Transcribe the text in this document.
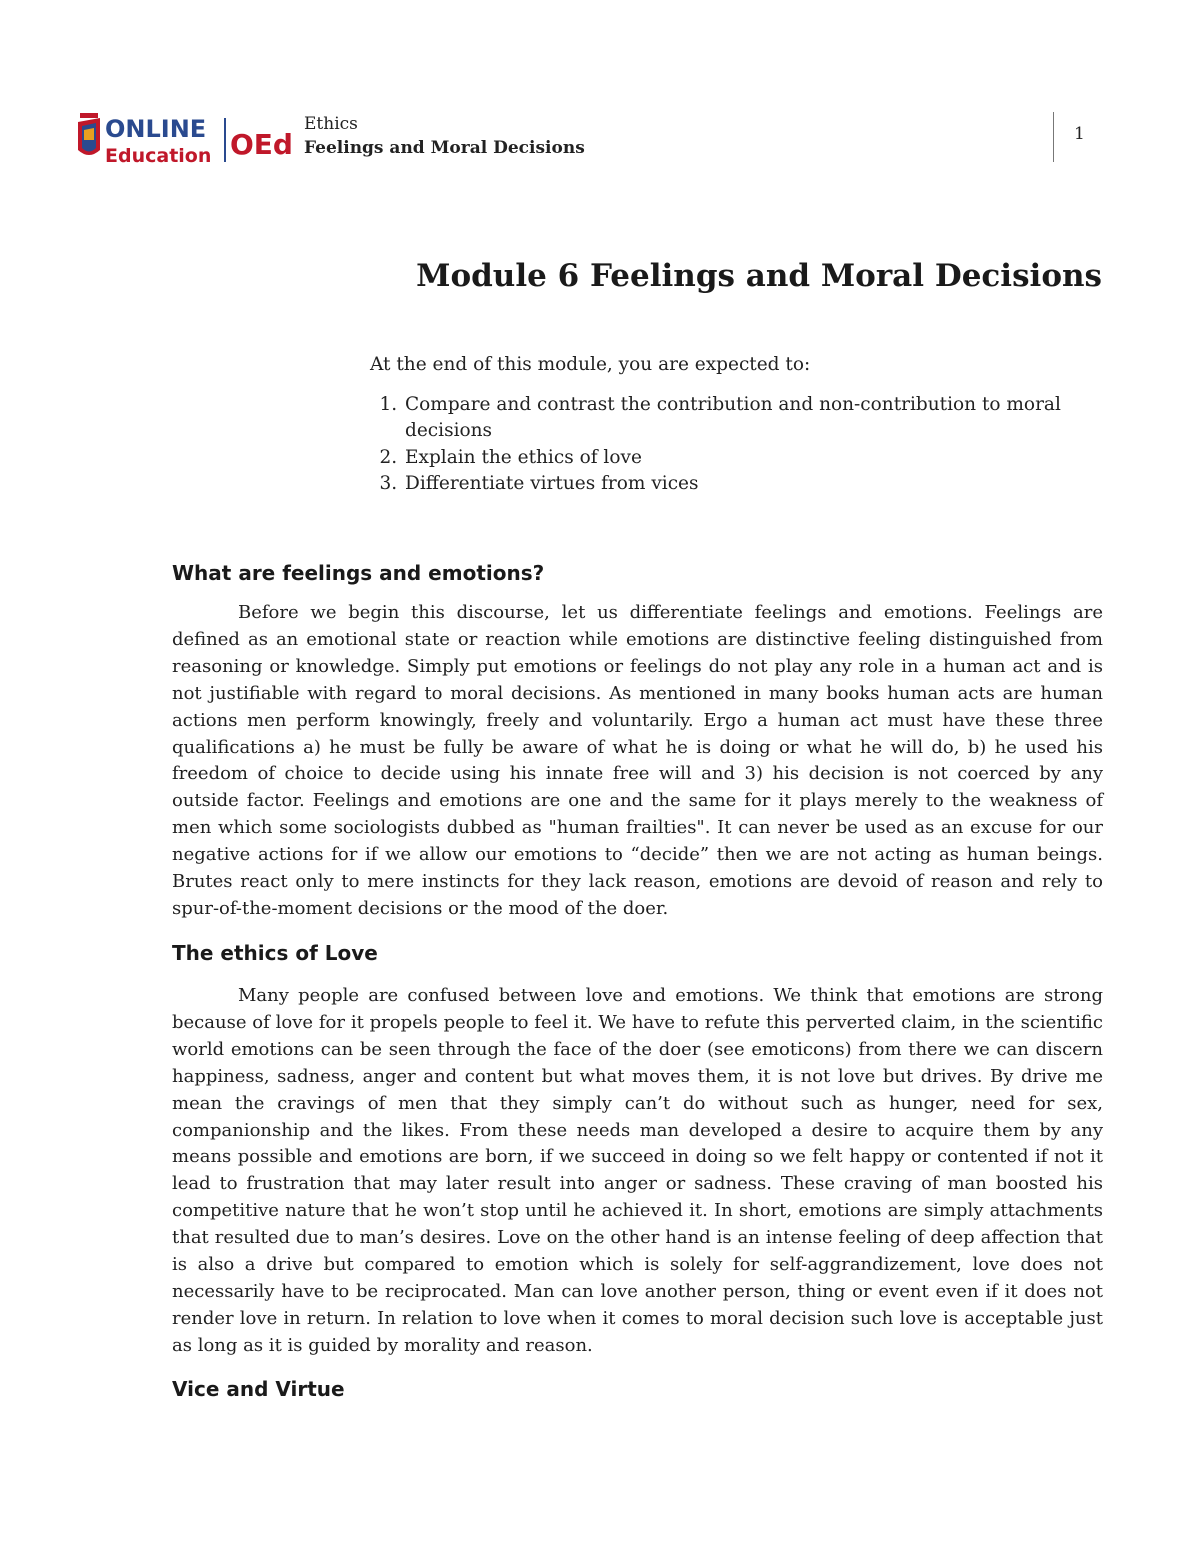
ONLINE
Education OEd
Ethics
Feelings and Moral Decisions
1
Module 6 Feelings and Moral Decisions
At the end of this module, you are expected to:
1. Compare and contrast the contribution and non-contribution to moral decisions
2. Explain the ethics of love
3. Differentiate virtues from vices
What are feelings and emotions?

Before we begin this discourse, let us differentiate feelings and emotions. Feelings are defined as an emotional state or reaction while emotions are distinctive feeling distinguished from reasoning or knowledge. Simply put emotions or feelings do not play any role in a human act and is not justifiable with regard to moral decisions. As mentioned in many books human acts are human actions men perform knowingly, freely and voluntarily. Ergo a human act must have these three qualifications a) he must be fully be aware of what he is doing or what he will do, b) he used his freedom of choice to decide using his innate free will and 3) his decision is not coerced by any outside factor. Feelings and emotions are one and the same for it plays merely to the weakness of men which some sociologists dubbed as "human frailties". It can never be used as an excuse for our negative actions for if we allow our emotions to “decide” then we are not acting as human beings. Brutes react only to mere instincts for they lack reason, emotions are devoid of reason and rely to spur-of-the-moment decisions or the mood of the doer.

The ethics of Love

Many people are confused between love and emotions. We think that emotions are strong because of love for it propels people to feel it. We have to refute this perverted claim, in the scientific world emotions can be seen through the face of the doer (see emoticons) from there we can discern happiness, sadness, anger and content but what moves them, it is not love but drives. By drive me mean the cravings of men that they simply can’t do without such as hunger, need for sex, companionship and the likes. From these needs man developed a desire to acquire them by any means possible and emotions are born, if we succeed in doing so we felt happy or contented if not it lead to frustration that may later result into anger or sadness. These craving of man boosted his competitive nature that he won’t stop until he achieved it. In short, emotions are simply attachments that resulted due to man’s desires. Love on the other hand is an intense feeling of deep affection that is also a drive but compared to emotion which is solely for self-aggrandizement, love does not necessarily have to be reciprocated. Man can love another person, thing or event even if it does not render love in return. In relation to love when it comes to moral decision such love is acceptable just as long as it is guided by morality and reason.

Vice and Virtue
